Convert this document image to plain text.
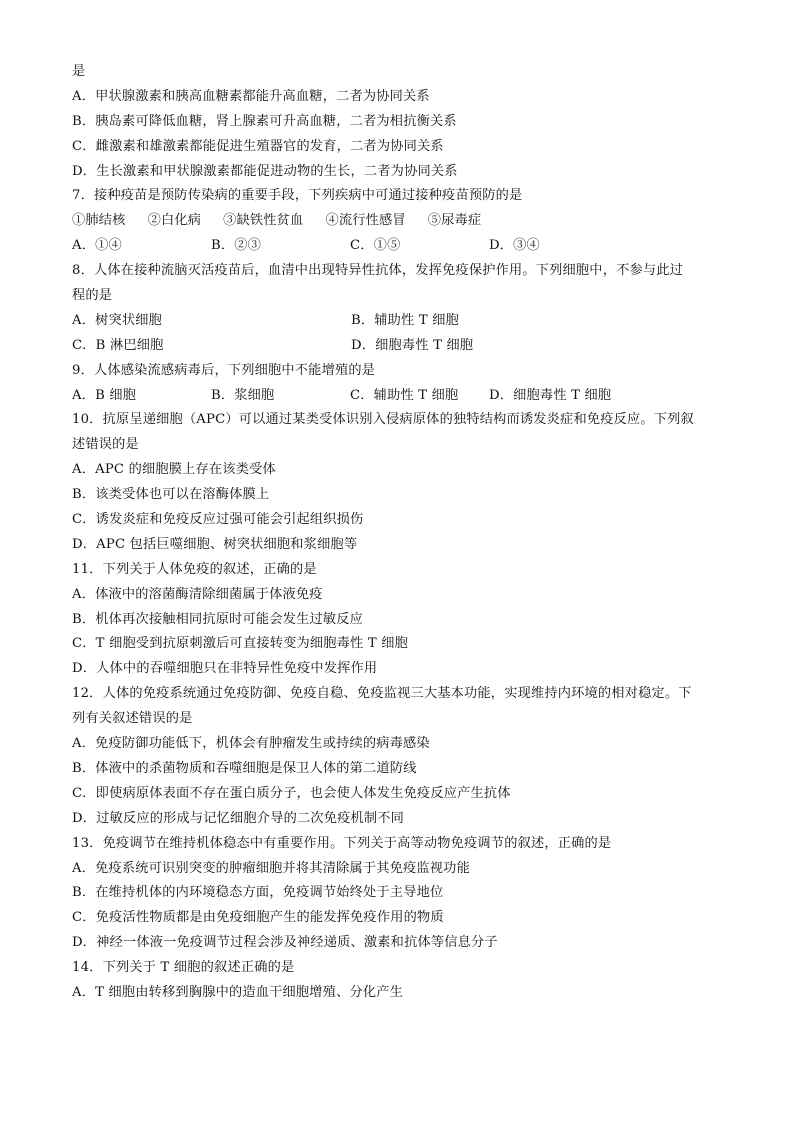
是
A．甲状腺激素和胰高血糖素都能升高血糖，二者为协同关系
B．胰岛素可降低血糖，肾上腺素可升高血糖，二者为相抗衡关系
C．雌激素和雄激素都能促进生殖器官的发育，二者为协同关系
D．生长激素和甲状腺激素都能促进动物的生长，二者为协同关系
7．接种疫苗是预防传染病的重要手段，下列疾病中可通过接种疫苗预防的是
①肺结核 ②白化病 ③缺铁性贫血 ④流行性感冒 ⑤尿毒症
A．①④	B．②③	C．①⑤	D．③④
8．人体在接种流脑灭活疫苗后，血清中出现特异性抗体，发挥免疫保护作用。下列细胞中，不参与此过
程的是
A．树突状细胞	B．辅助性 T 细胞
C．B 淋巴细胞	D．细胞毒性 T 细胞
9．人体感染流感病毒后，下列细胞中不能增殖的是
A．B 细胞	B．浆细胞	C．辅助性 T 细胞	D．细胞毒性 T 细胞
10．抗原呈递细胞（APC）可以通过某类受体识别入侵病原体的独特结构而诱发炎症和免疫反应。下列叙
述错误的是
A．APC 的细胞膜上存在该类受体
B．该类受体也可以在溶酶体膜上
C．诱发炎症和免疫反应过强可能会引起组织损伤
D．APC 包括巨噬细胞、树突状细胞和浆细胞等
11．下列关于人体免疫的叙述，正确的是
A．体液中的溶菌酶清除细菌属于体液免疫
B．机体再次接触相同抗原时可能会发生过敏反应
C．T 细胞受到抗原刺激后可直接转变为细胞毒性 T 细胞
D．人体中的吞噬细胞只在非特异性免疫中发挥作用
12．人体的免疫系统通过免疫防御、免疫自稳、免疫监视三大基本功能，实现维持内环境的相对稳定。下
列有关叙述错误的是
A．免疫防御功能低下，机体会有肿瘤发生或持续的病毒感染
B．体液中的杀菌物质和吞噬细胞是保卫人体的第二道防线
C．即使病原体表面不存在蛋白质分子，也会使人体发生免疫反应产生抗体
D．过敏反应的形成与记忆细胞介导的二次免疫机制不同
13．免疫调节在维持机体稳态中有重要作用。下列关于高等动物免疫调节的叙述，正确的是
A．免疫系统可识别突变的肿瘤细胞并将其清除属于其免疫监视功能
B．在维持机体的内环境稳态方面，免疫调节始终处于主导地位
C．免疫活性物质都是由免疫细胞产生的能发挥免疫作用的物质
D．神经一体液一免疫调节过程会涉及神经递质、激素和抗体等信息分子
14．下列关于 T 细胞的叙述正确的是
A．T 细胞由转移到胸腺中的造血干细胞增殖、分化产生
